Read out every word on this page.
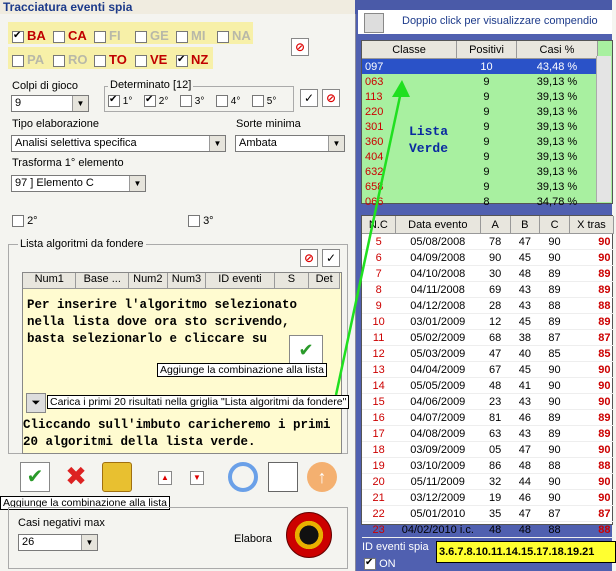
Tracciatura eventi spia
✔BA	CA	FI	GE	MI	NA
PA	RO	TO	VE ✔	NZ
⊘
Colpi di gioco
9	▼
Determinato [12]
✔ 1° ✔	2°	3°	4°	5°	✓ ⊘
Tipo elaborazione
Analisi selettiva specifica	▼
Sorte minima
Ambata	▼
Trasforma 1° elemento
97 ] Elemento C	▼
2°	3°
Lista algoritmi da fondere
⊘ ✓
Num1	Base ...	Num2 Num3	ID eventi	S	Det
Per inserire l'algoritmo selezionato nella lista dove ora sto scrivendo, basta selezionarlo e cliccare su
✔
Aggiunge la combinazione alla lista
⏷ Carica i primi 20 risultati nella griglia "Lista algoritmi da fondere"
Cliccando sull'imbuto caricheremo i primi 20 algoritmi della lista verde.
✔ ✖	▲	▼	↑
Aggiunge la combinazione alla lista
Casi negativi max
26	▼	Elabora
Doppio click per visualizzare compendio
Classe	Positivi	Casi %
097	10	43,48 %
063	9	39,13 %
113	9	39,13 %
220	9	39,13 %
301	9	39,13 %
360	9	39,13 %
404	9	39,13 %
632	9	39,13 %
658	9	39,13 %
066	8	34,78 %
Lista
Verde
N.C	Data evento	A	B	C	X tras
5	05/08/2008	78	47	90	90
6	04/09/2008	90	45	90	90
7	04/10/2008	30	48	89	89
8	04/11/2008	69	43	89	89
9	04/12/2008	28	43	88	88
10	03/01/2009	12	45	89	89
11	05/02/2009	68	38	87	87
12	05/03/2009	47	40	85	85
13	04/04/2009	67	45	90	90
14	05/05/2009	48	41	90	90
15	04/06/2009	23	43	90	90
16	04/07/2009	81	46	89	89
17	04/08/2009	63	43	89	89
18	03/09/2009	05	47	90	90
19	03/10/2009	86	48	88	88
20	05/11/2009	32	44	90	90
21	03/12/2009	19	46	90	90
22	05/01/2010	35	47	87	87
23	04/02/2010 i.c.	48	48	88	88
ID eventi spia 3.6.7.8.10.11.14.15.17.18.19.21
✔ ON
